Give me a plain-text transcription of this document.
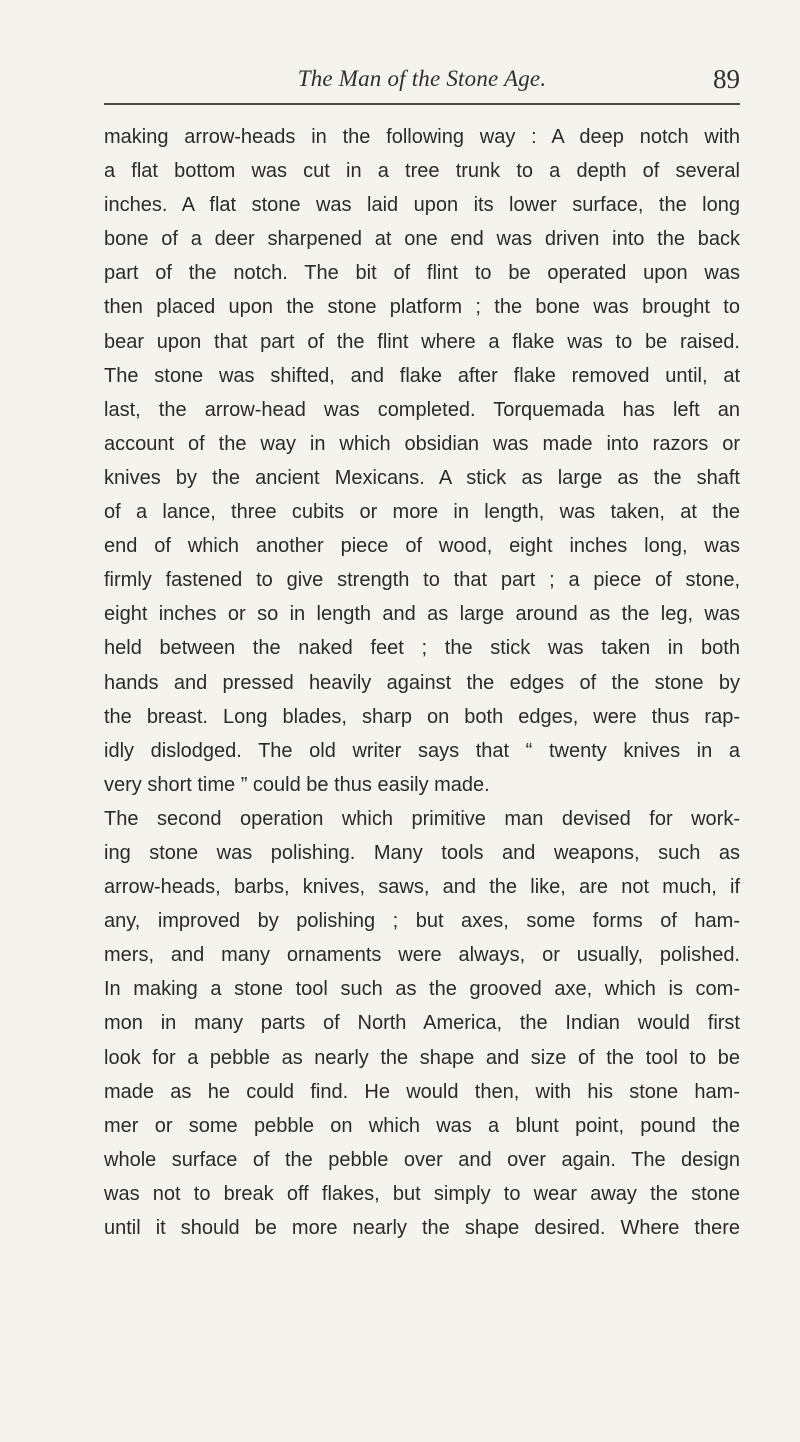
The Man of the Stone Age.	89
making arrow-heads in the following way : A deep notch with
a flat bottom was cut in a tree trunk to a depth of several
inches. A flat stone was laid upon its lower surface, the long
bone of a deer sharpened at one end was driven into the back
part of the notch. The bit of flint to be operated upon was
then placed upon the stone platform ; the bone was brought to
bear upon that part of the flint where a flake was to be raised.
The stone was shifted, and flake after flake removed until, at
last, the arrow-head was completed. Torquemada has left an
account of the way in which obsidian was made into razors or
knives by the ancient Mexicans. A stick as large as the shaft
of a lance, three cubits or more in length, was taken, at the
end of which another piece of wood, eight inches long, was
firmly fastened to give strength to that part ; a piece of stone,
eight inches or so in length and as large around as the leg, was
held between the naked feet ; the stick was taken in both
hands and pressed heavily against the edges of the stone by
the breast. Long blades, sharp on both edges, were thus rap-
idly dislodged. The old writer says that “ twenty knives in a
very short time ” could be thus easily made.
The second operation which primitive man devised for work-
ing stone was polishing. Many tools and weapons, such as
arrow-heads, barbs, knives, saws, and the like, are not much, if
any, improved by polishing ; but axes, some forms of ham-
mers, and many ornaments were always, or usually, polished.
In making a stone tool such as the grooved axe, which is com-
mon in many parts of North America, the Indian would first
look for a pebble as nearly the shape and size of the tool to be
made as he could find. He would then, with his stone ham-
mer or some pebble on which was a blunt point, pound the
whole surface of the pebble over and over again. The design
was not to break off flakes, but simply to wear away the stone
until it should be more nearly the shape desired. Where there
